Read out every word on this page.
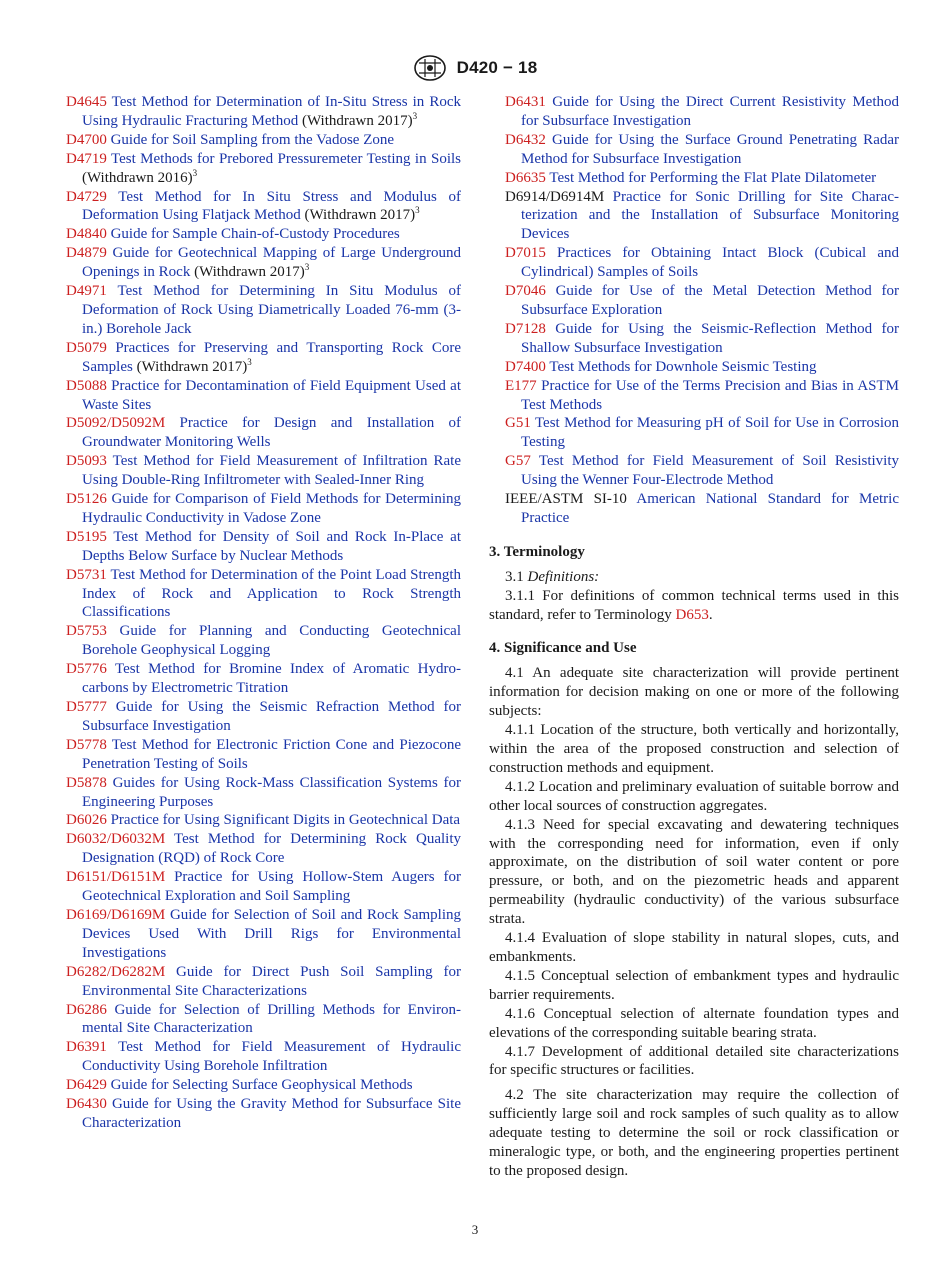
D420 − 18

D4645 Test Method for Determination of In-Situ Stress in Rock Using Hydraulic Fracturing Method (Withdrawn 2017)$^3$

D4700 Guide for Soil Sampling from the Vadose Zone

D4719 Test Methods for Prebored Pressuremeter Testing in Soils (Withdrawn 2016)$^3$

D4729 Test Method for In Situ Stress and Modulus of Deformation Using Flatjack Method (Withdrawn 2017)$^3$

D4840 Guide for Sample Chain-of-Custody Procedures

D4879 Guide for Geotechnical Mapping of Large Underground Openings in Rock (Withdrawn 2017)$^3$

D4971 Test Method for Determining In Situ Modulus of Deformation of Rock Using Diametrically Loaded 76-mm (3-in.) Borehole Jack

D5079 Practices for Preserving and Transporting Rock Core Samples (Withdrawn 2017)$^3$

D5088 Practice for Decontamination of Field Equipment Used at Waste Sites

D5092/D5092M Practice for Design and Installation of Groundwater Monitoring Wells

D5093 Test Method for Field Measurement of Infiltration Rate Using Double-Ring Infiltrometer with Sealed-Inner Ring

D5126 Guide for Comparison of Field Methods for Determining Hydraulic Conductivity in Vadose Zone

D5195 Test Method for Density of Soil and Rock In-Place at Depths Below Surface by Nuclear Methods

D5731 Test Method for Determination of the Point Load Strength Index of Rock and Application to Rock Strength Classifications

D5753 Guide for Planning and Conducting Geotechnical Borehole Geophysical Logging

D5776 Test Method for Bromine Index of Aromatic Hydrocarbons by Electrometric Titration

D5777 Guide for Using the Seismic Refraction Method for Subsurface Investigation

D5778 Test Method for Electronic Friction Cone and Piezocone Penetration Testing of Soils

D5878 Guides for Using Rock-Mass Classification Systems for Engineering Purposes

D6026 Practice for Using Significant Digits in Geotechnical Data

D6032/D6032M Test Method for Determining Rock Quality Designation (RQD) of Rock Core

D6151/D6151M Practice for Using Hollow-Stem Augers for Geotechnical Exploration and Soil Sampling

D6169/D6169M Guide for Selection of Soil and Rock Sampling Devices Used With Drill Rigs for Environmental Investigations

D6282/D6282M Guide for Direct Push Soil Sampling for Environmental Site Characterizations

D6286 Guide for Selection of Drilling Methods for Environmental Site Characterization

D6391 Test Method for Field Measurement of Hydraulic Conductivity Using Borehole Infiltration

D6429 Guide for Selecting Surface Geophysical Methods

D6430 Guide for Using the Gravity Method for Subsurface Site Characterization

D6431 Guide for Using the Direct Current Resistivity Method for Subsurface Investigation

D6432 Guide for Using the Surface Ground Penetrating Radar Method for Subsurface Investigation

D6635 Test Method for Performing the Flat Plate Dilatometer

D6914/D6914M Practice for Sonic Drilling for Site Characterization and the Installation of Subsurface Monitoring Devices

D7015 Practices for Obtaining Intact Block (Cubical and Cylindrical) Samples of Soils

D7046 Guide for Use of the Metal Detection Method for Subsurface Exploration

D7128 Guide for Using the Seismic-Reflection Method for Shallow Subsurface Investigation

D7400 Test Methods for Downhole Seismic Testing

E177 Practice for Use of the Terms Precision and Bias in ASTM Test Methods

G51 Test Method for Measuring pH of Soil for Use in Corrosion Testing

G57 Test Method for Field Measurement of Soil Resistivity Using the Wenner Four-Electrode Method

IEEE/ASTM SI-10 American National Standard for Metric Practice

3. Terminology

3.1 Definitions:

3.1.1 For definitions of common technical terms used in this standard, refer to Terminology D653.

4. Significance and Use

4.1 An adequate site characterization will provide pertinent information for decision making on one or more of the following subjects:

4.1.1 Location of the structure, both vertically and horizontally, within the area of the proposed construction and selection of construction methods and equipment.

4.1.2 Location and preliminary evaluation of suitable borrow and other local sources of construction aggregates.

4.1.3 Need for special excavating and dewatering techniques with the corresponding need for information, even if only approximate, on the distribution of soil water content or pore pressure, or both, and on the piezometric heads and apparent permeability (hydraulic conductivity) of the various subsurface strata.

4.1.4 Evaluation of slope stability in natural slopes, cuts, and embankments.

4.1.5 Conceptual selection of embankment types and hydraulic barrier requirements.

4.1.6 Conceptual selection of alternate foundation types and elevations of the corresponding suitable bearing strata.

4.1.7 Development of additional detailed site characterizations for specific structures or facilities.

4.2 The site characterization may require the collection of sufficiently large soil and rock samples of such quality as to allow adequate testing to determine the soil or rock classification or mineralogic type, or both, and the engineering properties pertinent to the proposed design.

3
